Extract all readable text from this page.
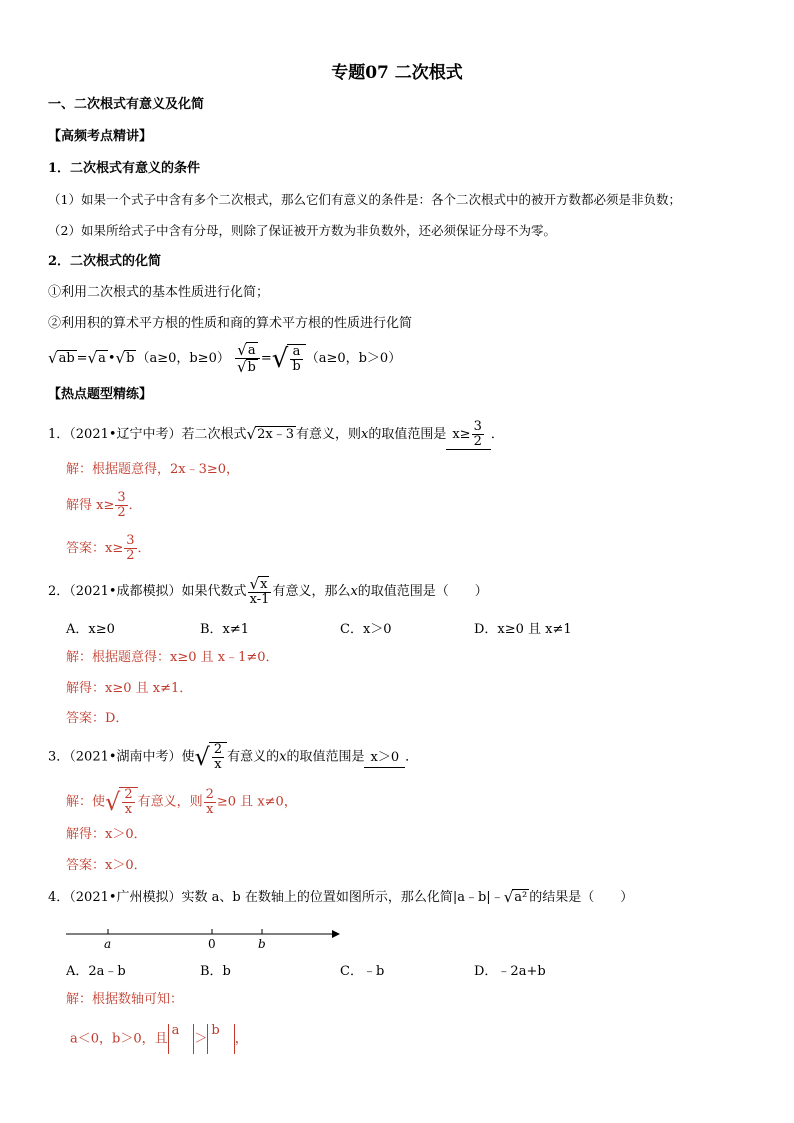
专题07 二次根式
一、二次根式有意义及化简
【高频考点精讲】
1．二次根式有意义的条件
（1）如果一个式子中含有多个二次根式，那么它们有意义的条件是：各个二次根式中的被开方数都必须是非负数；
（2）如果所给式子中含有分母，则除了保证被开方数为非负数外，还必须保证分母不为零。
2．二次根式的化简
①利用二次根式的基本性质进行化简；
②利用积的算术平方根的性质和商的算术平方根的性质进行化简
√ab =√a •√b （a≥0，$b\ge 0) \frac{√a}{√b}$ =√ $\frac{a}{b} (a\ge 0$，b＞0）
【热点题型精练】
1．（2021•辽宁中考）若二次根式√2x﹣3 有意义，则x的取值范围是 $x\ge \frac{3}{2}$ ．
解：根据题意得，2x﹣3≥0，
解得 $x\ge \frac{3}{2}$ ．
答案：$x\ge \frac{3}{2}$ ．
2．（2021•成都模拟）如果代数式 $\frac{√x}{x-1}$ 有意义，那么x的取值范围是（　　）
A．x≥0	B．x≠1	C．x＞0	D．x≥0 且 x≠1
解：根据题意得：x≥0 且 x﹣1≠0．
解得：x≥0 且 x≠1．
答案：D．
3．（2021•湖南中考）使√ $\frac{2}{x}$ 有意义的x的取值范围是 x＞0 ．
解：使√ $\frac{2}{x}$ 有意义，则 $\frac{2}{x} \ge 0$ 且 x≠0，
解得：x＞0．
答案：x＞0．
4．（2021•广州模拟）实数 a、b 在数轴上的位置如图所示，那么化简|a﹣b|﹣√a² 的结果是（　　）
a	0	b
A．2a﹣b	B．b	C．﹣b	D．﹣2a+b
解：根据数轴可知：
a＜0，b＞0，且a＞b，
